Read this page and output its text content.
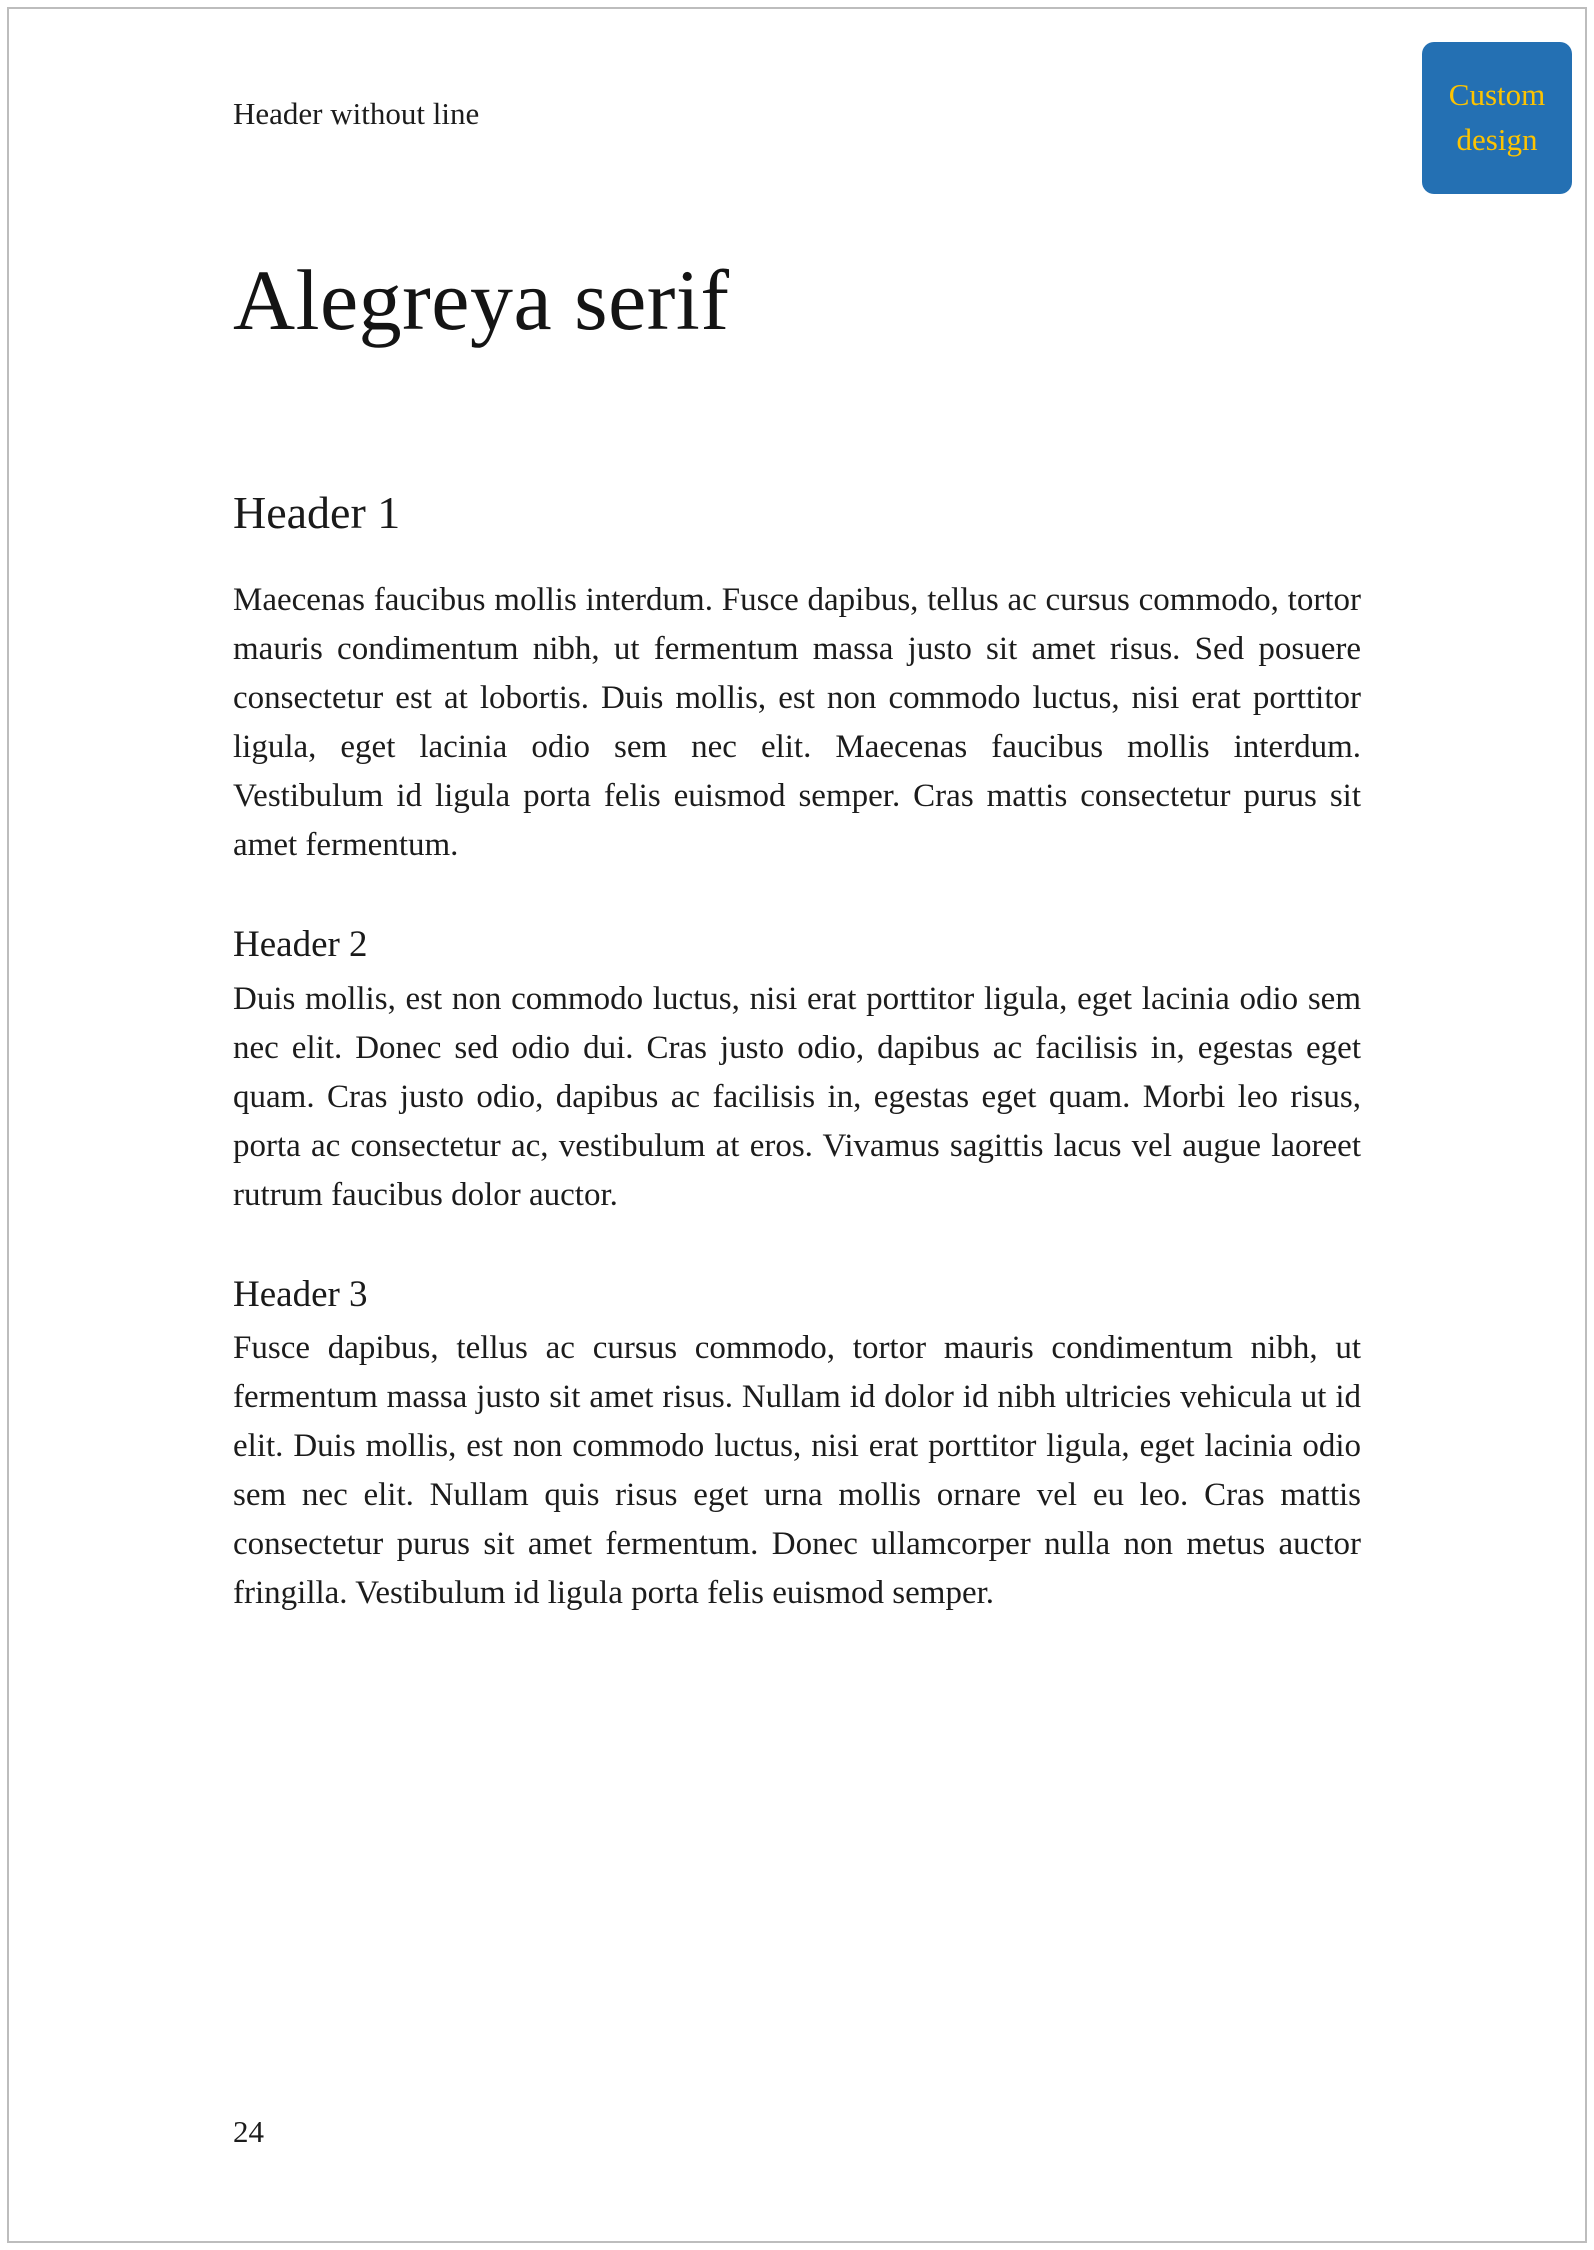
Header without line
Custom
design
Alegreya serif
Header 1

Maecenas faucibus mollis interdum. Fusce dapibus, tellus ac cursus commodo, tortor mauris condimentum nibh, ut fermentum massa justo sit amet risus. Sed posuere consectetur est at lobortis. Duis mollis, est non commodo luctus, nisi erat porttitor ligula, eget lacinia odio sem nec elit. Maecenas faucibus mollis interdum. Vestibulum id ligula porta felis euismod semper. Cras mattis consectetur purus sit amet fermentum.

Header 2

Duis mollis, est non commodo luctus, nisi erat porttitor ligula, eget lacinia odio sem nec elit. Donec sed odio dui. Cras justo odio, dapibus ac facilisis in, egestas eget quam. Cras justo odio, dapibus ac facilisis in, egestas eget quam. Morbi leo risus, porta ac consectetur ac, vestibulum at eros. Vivamus sagittis lacus vel augue laoreet rutrum faucibus dolor auctor.

Header 3

Fusce dapibus, tellus ac cursus commodo, tortor mauris condimentum nibh, ut fermentum massa justo sit amet risus. Nullam id dolor id nibh ultricies vehicula ut id elit. Duis mollis, est non commodo luctus, nisi erat porttitor ligula, eget lacinia odio sem nec elit. Nullam quis risus eget urna mollis ornare vel eu leo. Cras mattis consectetur purus sit amet fermentum. Donec ullamcorper nulla non metus auctor fringilla. Vestibulum id ligula porta felis euismod semper.

24
